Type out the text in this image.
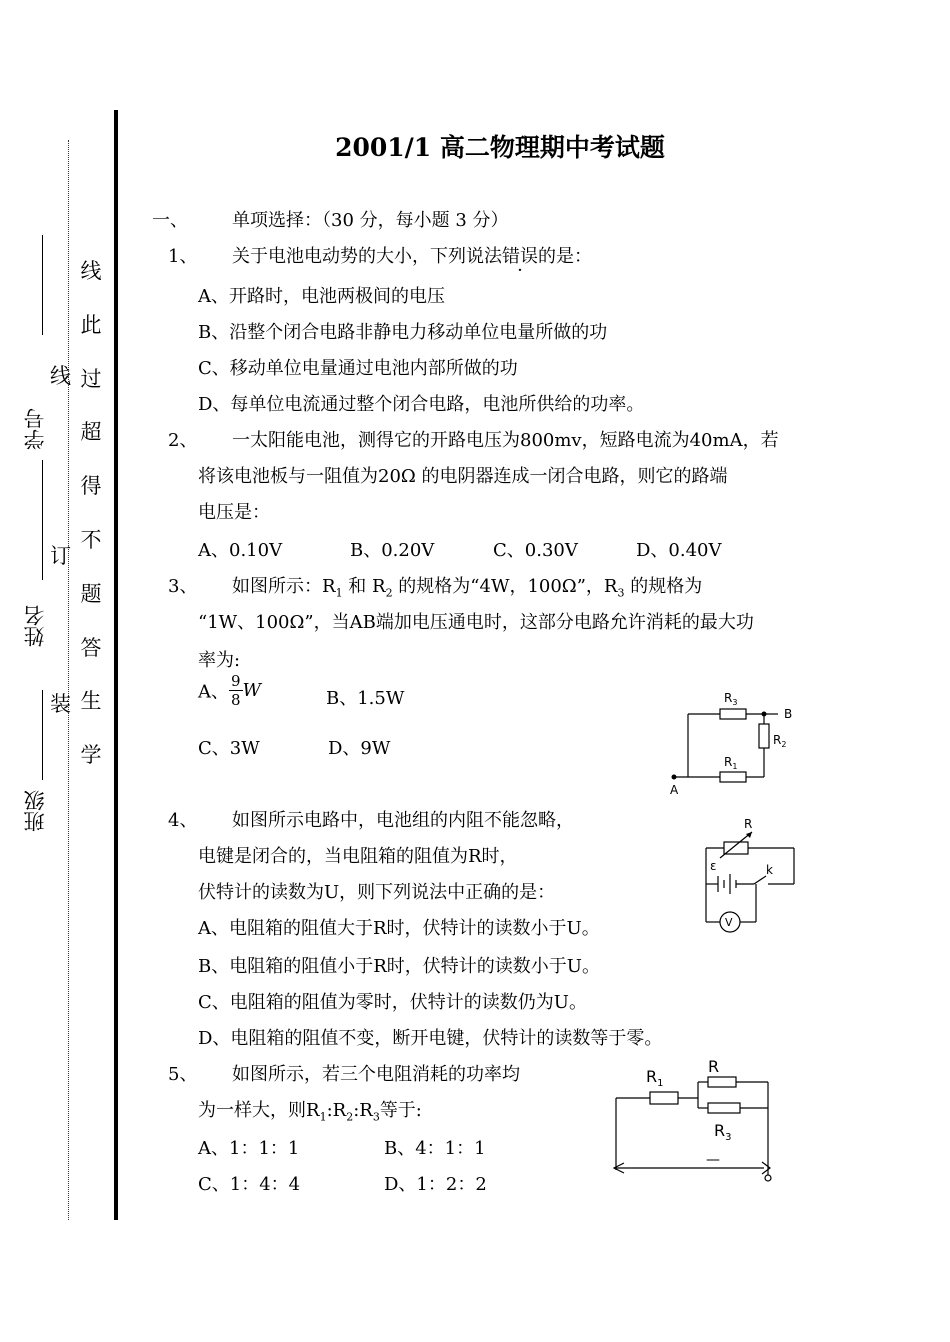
班级
学号
姓名
装
订
线
线
此
过
超
得
不
题
答
生
学
2001/1 高二物理期中考试题
一、 单项选择：（30 分，每小题 3 分）
1、 关于电池电动势的大小，下列说法错误的是：
A、开路时，电池两极间的电压
B、沿整个闭合电路非静电力移动单位电量所做的功
C、移动单位电量通过电池内部所做的功
D、每单位电流通过整个闭合电路，电池所供给的功率。
2、 一太阳能电池，测得它的开路电压为800mv，短路电流为40mA，若
将该电池板与一阻值为20Ω 的电阴器连成一闭合电路，则它的路端
电压是：
A、0.10V	B、0.20V	C、0.30V	D、0.40V
3、 如图所示：$R_1$ 和 $R_2$ 的规格为“4W，100Ω”，$R_3$ 的规格为
“1W、100Ω”，当AB端加电压通电时，这部分电路允许消耗的最大功
率为:
A、 $\frac{9}{8}$ W	B、1.5W
C、3W	D、9W
$R_3$
$R_2$
$R_1$
A
B
4、 如图所示电路中，电池组的内阻不能忽略，
电键是闭合的，当电阻箱的阻值为R时，
伏特计的读数为U，则下列说法中正确的是：
A、电阻箱的阻值大于R时，伏特计的读数小于U。
B、电阻箱的阻值小于R时，伏特计的读数小于U。
C、电阻箱的阻值为零时，伏特计的读数仍为U。
D、电阻箱的阻值不变，断开电键，伏特计的读数等于零。
R
ε	k
V
5、 如图所示，若三个电阻消耗的功率均
为一样大，则$R_1:R_2:R_3$等于:
A、1：1：1	B、4：1：1
C、1：4：4	D、1：2：2
$R_1$
R
$R_3$
—
